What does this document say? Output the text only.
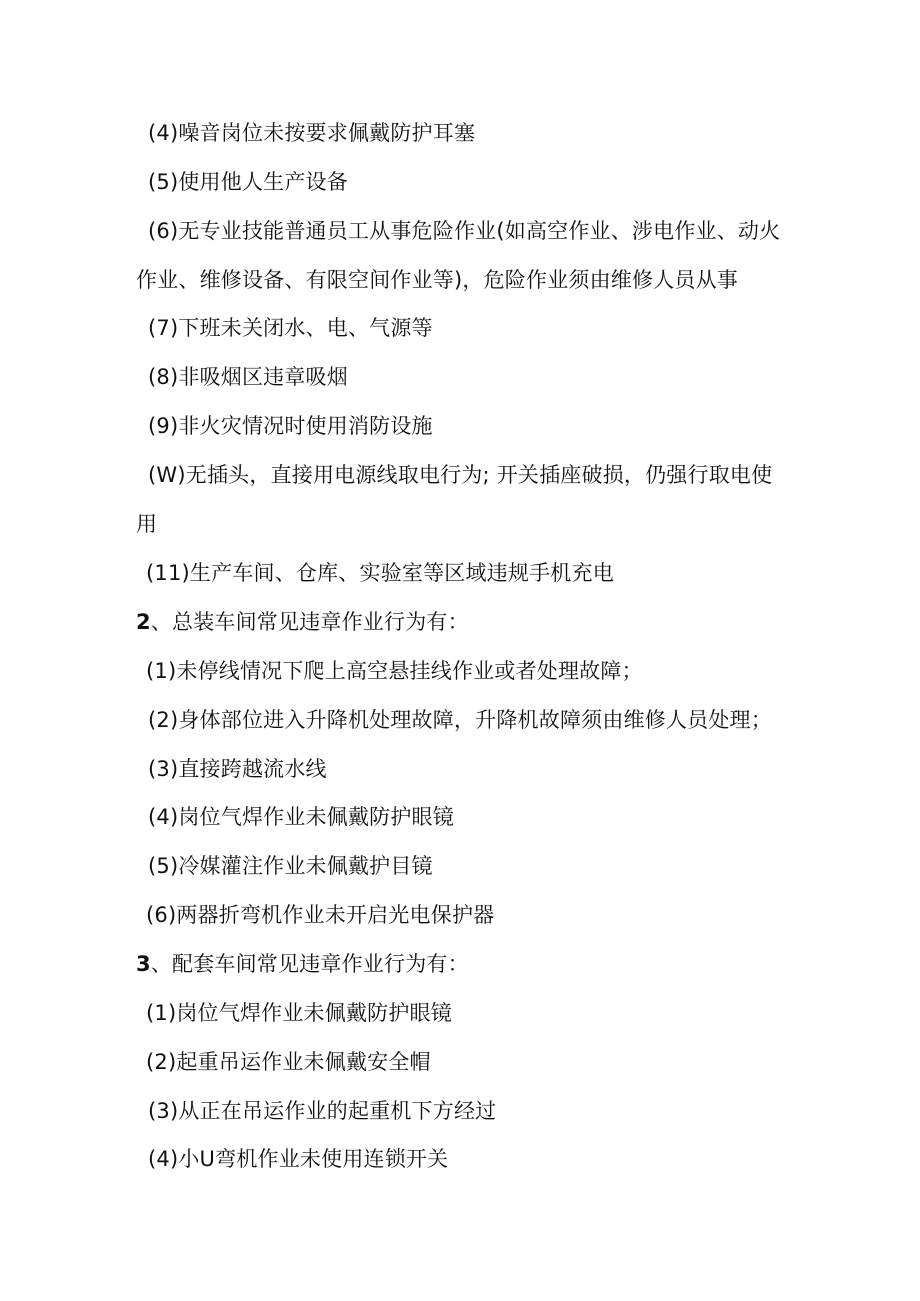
(4)噪音岗位未按要求佩戴防护耳塞
(5)使用他人生产设备
(6)无专业技能普通员工从事危险作业(如高空作业、涉电作业、动火
作业、维修设备、有限空间作业等)，危险作业须由维修人员从事
(7)下班未关闭水、电、气源等
(8)非吸烟区违章吸烟
(9)非火灾情况时使用消防设施
(W)无插头，直接用电源线取电行为; 开关插座破损，仍强行取电使
用
(11)生产车间、仓库、实验室等区域违规手机充电
2、总装车间常见违章作业行为有：
(1)未停线情况下爬上高空悬挂线作业或者处理故障；
(2)身体部位进入升降机处理故障，升降机故障须由维修人员处理；
(3)直接跨越流水线
(4)岗位气焊作业未佩戴防护眼镜
(5)冷媒灌注作业未佩戴护目镜
(6)两器折弯机作业未开启光电保护器
3、配套车间常见违章作业行为有：
(1)岗位气焊作业未佩戴防护眼镜
(2)起重吊运作业未佩戴安全帽
(3)从正在吊运作业的起重机下方经过
(4)小U弯机作业未使用连锁开关
